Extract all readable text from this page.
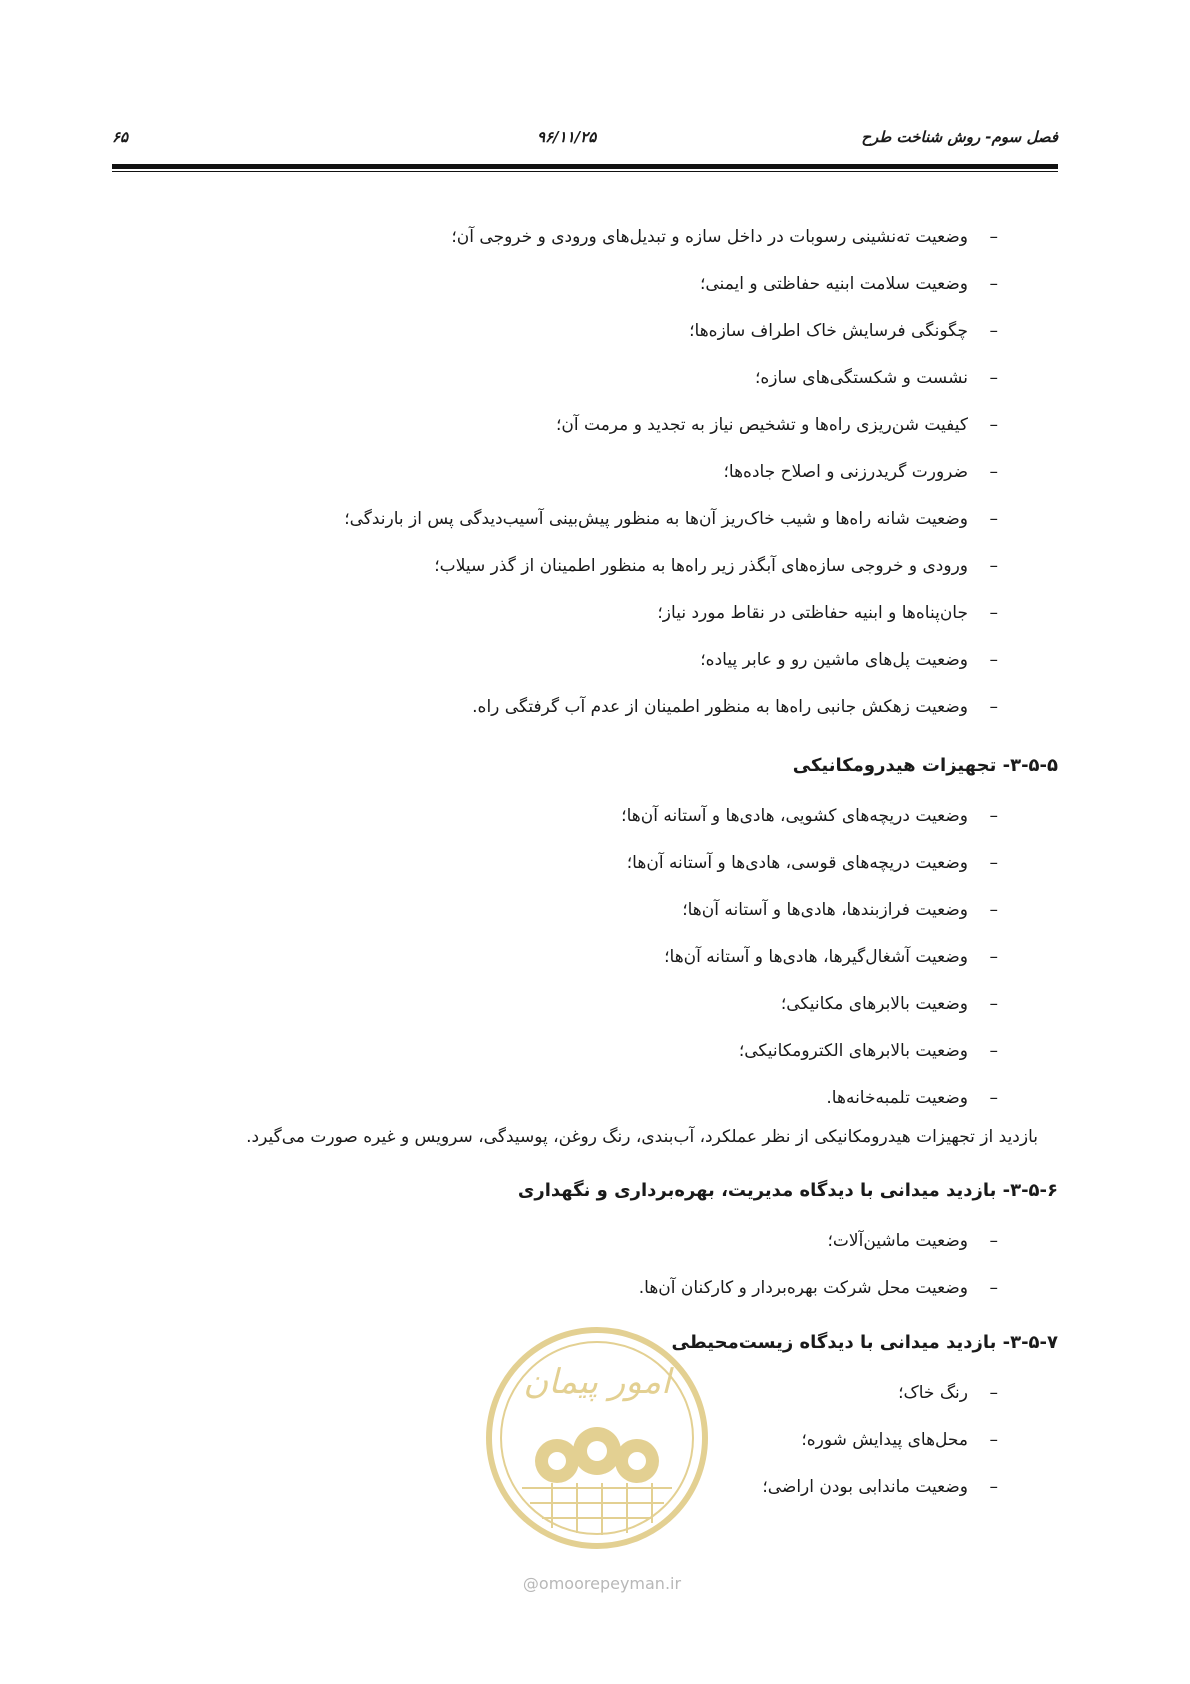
فصل سوم- روش شناخت طرح
۹۶/۱۱/۲۵
۶۵
–
وضعیت ته‌نشینی رسوبات در داخل سازه و تبدیل‌های ورودی و خروجی آن؛
–
وضعیت سلامت ابنیه حفاظتی و ایمنی؛
–
چگونگی فرسایش خاک اطراف سازه‌ها؛
–
نشست و شکستگی‌های سازه؛
–
کیفیت شن‌ریزی راه‌ها و تشخیص نیاز به تجدید و مرمت آن؛
–
ضرورت گریدرزنی و اصلاح جاده‌ها؛
–
وضعیت شانه راه‌ها و شیب خاک‌ریز آن‌ها به منظور پیش‌بینی آسیب‌دیدگی پس از بارندگی؛
–
ورودی و خروجی سازه‌های آبگذر زیر راه‌ها به منظور اطمینان از گذر سیلاب؛
–
جان‌پناه‌ها و ابنیه حفاظتی در نقاط مورد نیاز؛
–
وضعیت پل‌های ماشین رو و عابر پیاده؛
–
وضعیت زهکش جانبی راه‌ها به منظور اطمینان از عدم آب گرفتگی راه.
۳-۵-۵- تجهیزات هیدرومکانیکی
–
وضعیت دریچه‌های کشویی، هادی‌ها و آستانه آن‌ها؛
–
وضعیت دریچه‌های قوسی، هادی‌ها و آستانه آن‌ها؛
–
وضعیت فرازبندها، هادی‌ها و آستانه آن‌ها؛
–
وضعیت آشغال‌گیرها، هادی‌ها و آستانه آن‌ها؛
–
وضعیت بالابرهای مکانیکی؛
–
وضعیت بالابرهای الکترومکانیکی؛
–
وضعیت تلمبه‌خانه‌ها.
بازدید از تجهیزات هیدرومکانیکی از نظر عملکرد، آب‌بندی، رنگ روغن، پوسیدگی، سرویس و غیره صورت می‌گیرد.
۳-۵-۶- بازدید میدانی با دیدگاه مدیریت، بهره‌برداری و نگهداری
–
وضعیت ماشین‌آلات؛
–
وضعیت محل شرکت بهره‌بردار و کارکنان آن‌ها.
۳-۵-۷- بازدید میدانی با دیدگاه زیست‌محیطی
–
رنگ خاک؛
–
محل‌های پیدایش شوره؛
–
وضعیت ماندابی بودن اراضی؛
امور پیمان
@omoorepeyman.ir
